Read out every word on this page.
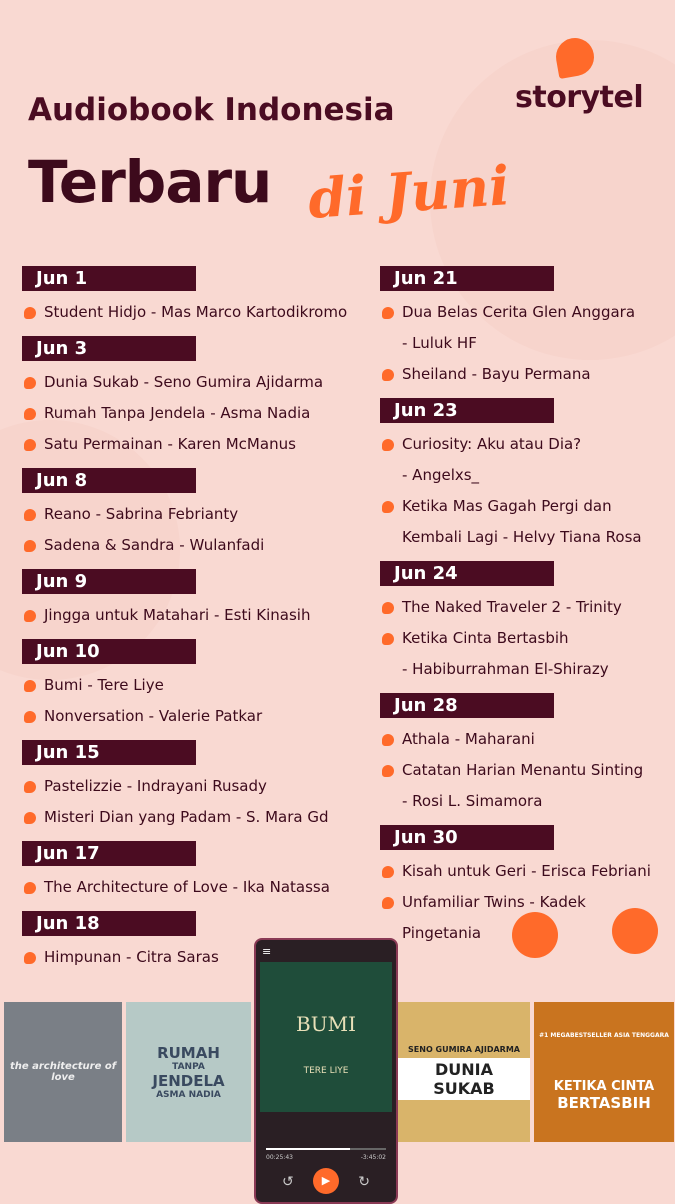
storytel
Audiobook Indonesia
Terbaru di Juni
Jun 1
Student Hidjo - Mas Marco Kartodikromo
Jun 3
Dunia Sukab - Seno Gumira Ajidarma
Rumah Tanpa Jendela - Asma Nadia
Satu Permainan - Karen McManus
Jun 8
Reano - Sabrina Febrianty
Sadena & Sandra - Wulanfadi
Jun 9
Jingga untuk Matahari - Esti Kinasih
Jun 10
Bumi - Tere Liye
Nonversation - Valerie Patkar
Jun 15
Pastelizzie - Indrayani Rusady
Misteri Dian yang Padam - S. Mara Gd
Jun 17
The Architecture of Love - Ika Natassa
Jun 18
Himpunan - Citra Saras
Jun 21
Dua Belas Cerita Glen Anggara
- Luluk HF
Sheiland - Bayu Permana
Jun 23
Curiosity: Aku atau Dia?
- Angelxs_
Ketika Mas Gagah Pergi dan
Kembali Lagi - Helvy Tiana Rosa
Jun 24
The Naked Traveler 2 - Trinity
Ketika Cinta Bertasbih
- Habiburrahman El-Shirazy
Jun 28
Athala - Maharani
Catatan Harian Menantu Sinting
- Rosi L. Simamora
Jun 30
Kisah untuk Geri - Erisca Febriani
Unfamiliar Twins - Kadek
Pingetania
the architecture of love
RUMAH
TANPA
JENDELA
ASMA NADIA
SENO GUMIRA AJIDARMA
DUNIA SUKAB
#1 MEGABESTSELLER ASIA TENGGARA
KETIKA CINTA
BERTASBIH
≡
BUMI
TERE LIYE
00:25:43	-3:45:02
↺	▶	↻
